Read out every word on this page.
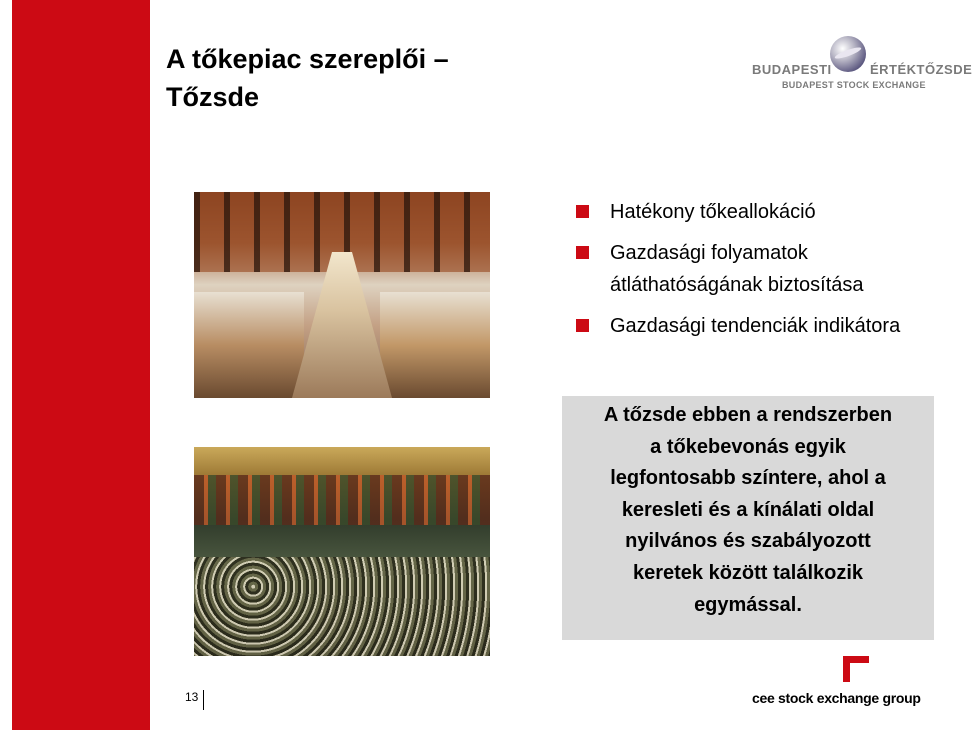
A tőkepiac szereplői –
Tőzsde
BUDAPESTI	ÉRTÉKTŐZSDE
BUDAPEST STOCK EXCHANGE
Hatékony tőkeallokáció
Gazdasági folyamatok átláthatóságának biztosítása
Gazdasági tendenciák indikátora
A tőzsde ebben a rendszerben
a tőkebevonás egyik
legfontosabb színtere, ahol a
keresleti és a kínálati oldal
nyilvános és szabályozott
keretek között találkozik
egymással.
13	cee stock exchange group
